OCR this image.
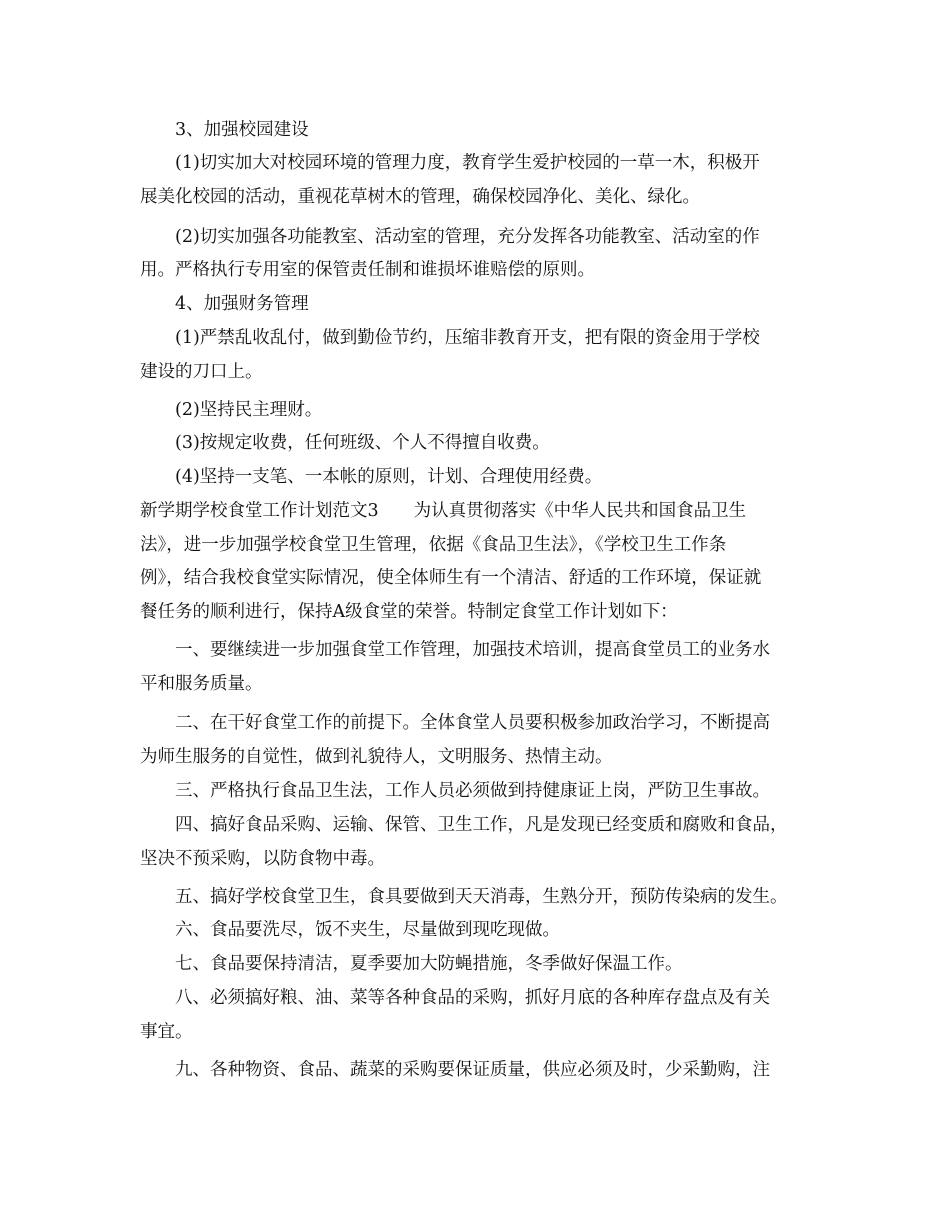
3、加强校园建设
(1)切实加大对校园环境的管理力度，教育学生爱护校园的一草一木，积极开
展美化校园的活动，重视花草树木的管理，确保校园净化、美化、绿化。
(2)切实加强各功能教室、活动室的管理，充分发挥各功能教室、活动室的作
用。严格执行专用室的保管责任制和谁损坏谁赔偿的原则。
4、加强财务管理
(1)严禁乱收乱付，做到勤俭节约，压缩非教育开支，把有限的资金用于学校
建设的刀口上。
(2)坚持民主理财。
(3)按规定收费，任何班级、个人不得擅自收费。
(4)坚持一支笔、一本帐的原则，计划、合理使用经费。
新学期学校食堂工作计划范文3　　为认真贯彻落实《中华人民共和国食品卫生
法》，进一步加强学校食堂卫生管理，依据《食品卫生法》，《学校卫生工作条
例》，结合我校食堂实际情况，使全体师生有一个清洁、舒适的工作环境，保证就
餐任务的顺利进行，保持A级食堂的荣誉。特制定食堂工作计划如下：
一、要继续进一步加强食堂工作管理，加强技术培训，提高食堂员工的业务水
平和服务质量。
二、在干好食堂工作的前提下。全体食堂人员要积极参加政治学习，不断提高
为师生服务的自觉性，做到礼貌待人，文明服务、热情主动。
三、严格执行食品卫生法，工作人员必须做到持健康证上岗，严防卫生事故。
四、搞好食品采购、运输、保管、卫生工作，凡是发现已经变质和腐败和食品，
坚决不预采购，以防食物中毒。
五、搞好学校食堂卫生，食具要做到天天消毒，生熟分开，预防传染病的发生。
六、食品要洗尽，饭不夹生，尽量做到现吃现做。
七、食品要保持清洁，夏季要加大防蝇措施，冬季做好保温工作。
八、必须搞好粮、油、菜等各种食品的采购，抓好月底的各种库存盘点及有关
事宜。
九、各种物资、食品、蔬菜的采购要保证质量，供应必须及时，少采勤购，注
